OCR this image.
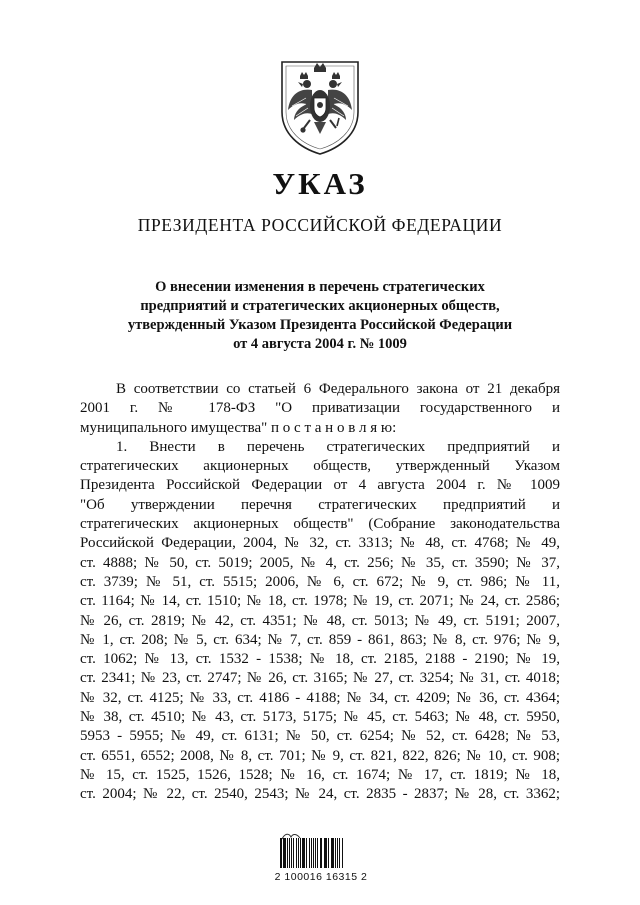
УКАЗ
ПРЕЗИДЕНТА РОССИЙСКОЙ ФЕДЕРАЦИИ
О внесении изменения в перечень стратегических
предприятий и стратегических акционерных обществ,
утвержденный Указом Президента Российской Федерации
от 4 августа 2004 г. № 1009
В соответствии со статьей 6 Федерального закона от 21 декабря
2001 г. № 178-ФЗ "О приватизации государственного и
муниципального имущества" п о с т а н о в л я ю:
1. Внести в перечень стратегических предприятий и
стратегических акционерных обществ, утвержденный Указом
Президента Российской Федерации от 4 августа 2004 г. № 1009
"Об утверждении перечня стратегических предприятий и
стратегических акционерных обществ" (Собрание законодательства
Российской Федерации, 2004, № 32, ст. 3313; № 48, ст. 4768; № 49,
ст. 4888; № 50, ст. 5019; 2005, № 4, ст. 256; № 35, ст. 3590; № 37,
ст. 3739; № 51, ст. 5515; 2006, № 6, ст. 672; № 9, ст. 986; № 11,
ст. 1164; № 14, ст. 1510; № 18, ст. 1978; № 19, ст. 2071; № 24, ст. 2586;
№ 26, ст. 2819; № 42, ст. 4351; № 48, ст. 5013; № 49, ст. 5191; 2007,
№ 1, ст. 208; № 5, ст. 634; № 7, ст. 859 - 861, 863; № 8, ст. 976; № 9,
ст. 1062; № 13, ст. 1532 - 1538; № 18, ст. 2185, 2188 - 2190; № 19,
ст. 2341; № 23, ст. 2747; № 26, ст. 3165; № 27, ст. 3254; № 31, ст. 4018;
№ 32, ст. 4125; № 33, ст. 4186 - 4188; № 34, ст. 4209; № 36, ст. 4364;
№ 38, ст. 4510; № 43, ст. 5173, 5175; № 45, ст. 5463; № 48, ст. 5950,
5953 - 5955; № 49, ст. 6131; № 50, ст. 6254; № 52, ст. 6428; № 53,
ст. 6551, 6552; 2008, № 8, ст. 701; № 9, ст. 821, 822, 826; № 10, ст. 908;
№ 15, ст. 1525, 1526, 1528; № 16, ст. 1674; № 17, ст. 1819; № 18,
ст. 2004; № 22, ст. 2540, 2543; № 24, ст. 2835 - 2837; № 28, ст. 3362;
2 100016 16315 2
